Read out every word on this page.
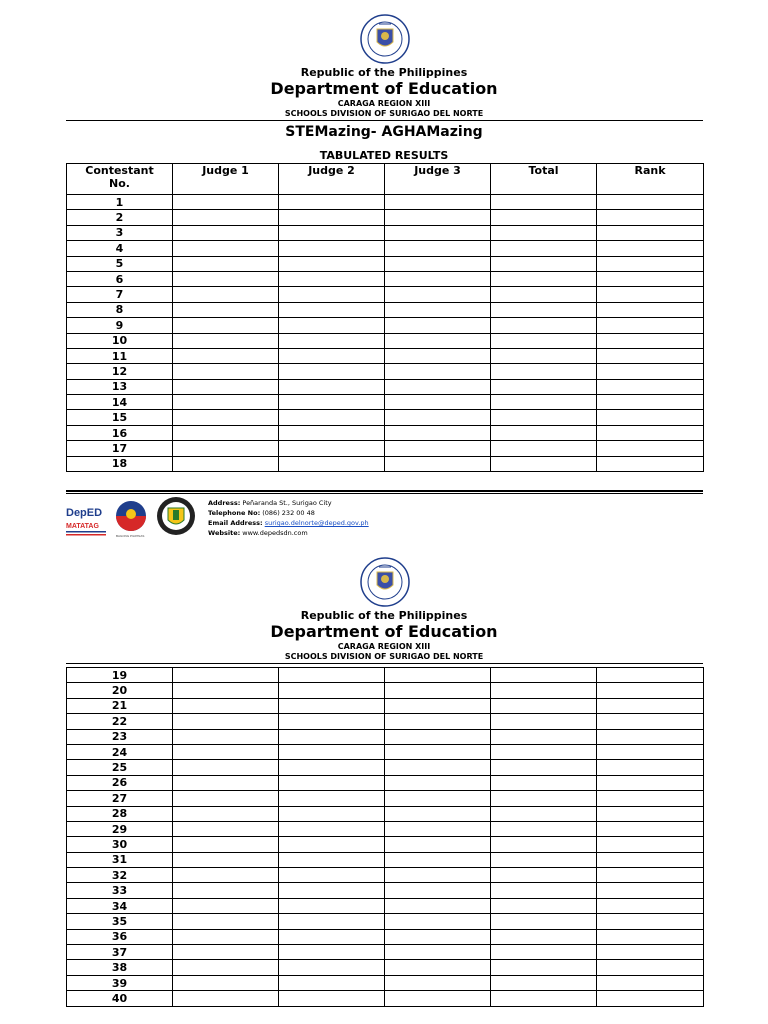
Republic of the Philippines
Department of Education
CARAGA REGION XIII
SCHOOLS DIVISION OF SURIGAO DEL NORTE
STEMazing- AGHAMazing
TABULATED RESULTS
Contestant
No.	Judge 1	Judge 2	Judge 3	Total	Rank
1					
2					
3					
4					
5					
6					
7					
8					
9					
10					
11					
12					
13					
14					
15					
16					
17					
18					
DepED
MATATAG
BAGONG PILIPINAS
Address: Peñaranda St., Surigao City
Telephone No: (086) 232 00 48
Email Address: surigao.delnorte@deped.gov.ph
Website: www.depedsdn.com
Republic of the Philippines
Department of Education
CARAGA REGION XIII
SCHOOLS DIVISION OF SURIGAO DEL NORTE
19					
20					
21					
22					
23					
24					
25					
26					
27					
28					
29					
30					
31					
32					
33					
34					
35					
36					
37					
38					
39					
40					
